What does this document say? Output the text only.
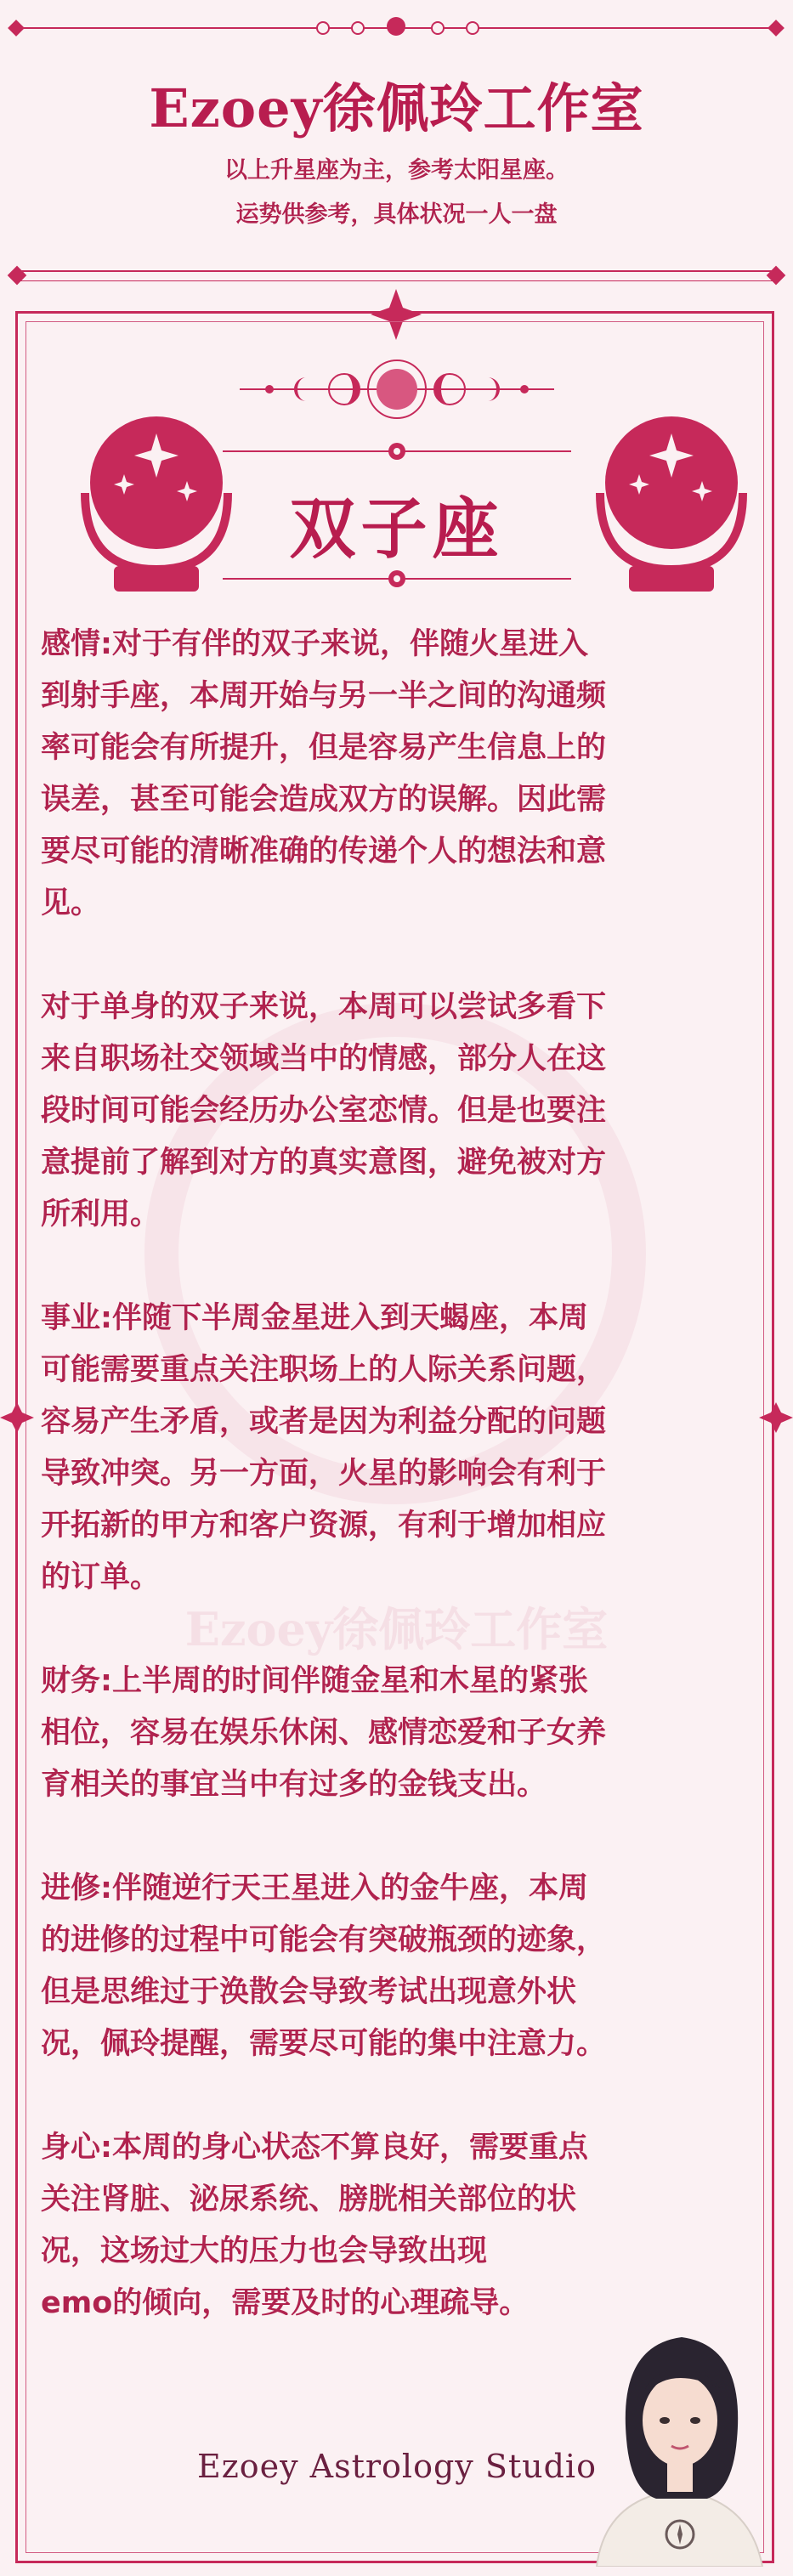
Ezoey徐佩玲工作室
以上升星座为主，参考太阳星座。
运势供参考，具体状况一人一盘
双子座
Ezoey徐佩玲工作室
感情:对于有伴的双子来说，伴随火星进入
到射手座，本周开始与另一半之间的沟通频
率可能会有所提升，但是容易产生信息上的
误差，甚至可能会造成双方的误解。因此需
要尽可能的清晰准确的传递个人的想法和意
见。
对于单身的双子来说，本周可以尝试多看下
来自职场社交领域当中的情感，部分人在这
段时间可能会经历办公室恋情。但是也要注
意提前了解到对方的真实意图，避免被对方
所利用。
事业:伴随下半周金星进入到天蝎座，本周
可能需要重点关注职场上的人际关系问题，
容易产生矛盾，或者是因为利益分配的问题
导致冲突。另一方面，火星的影响会有利于
开拓新的甲方和客户资源，有利于增加相应
的订单。
财务:上半周的时间伴随金星和木星的紧张
相位，容易在娱乐休闲、感情恋爱和子女养
育相关的事宜当中有过多的金钱支出。
进修:伴随逆行天王星进入的金牛座，本周
的进修的过程中可能会有突破瓶颈的迹象，
但是思维过于涣散会导致考试出现意外状
况，佩玲提醒，需要尽可能的集中注意力。
身心:本周的身心状态不算良好，需要重点
关注肾脏、泌尿系统、膀胱相关部位的状
况，这场过大的压力也会导致出现
emo的倾向，需要及时的心理疏导。
Ezoey Astrology Studio
